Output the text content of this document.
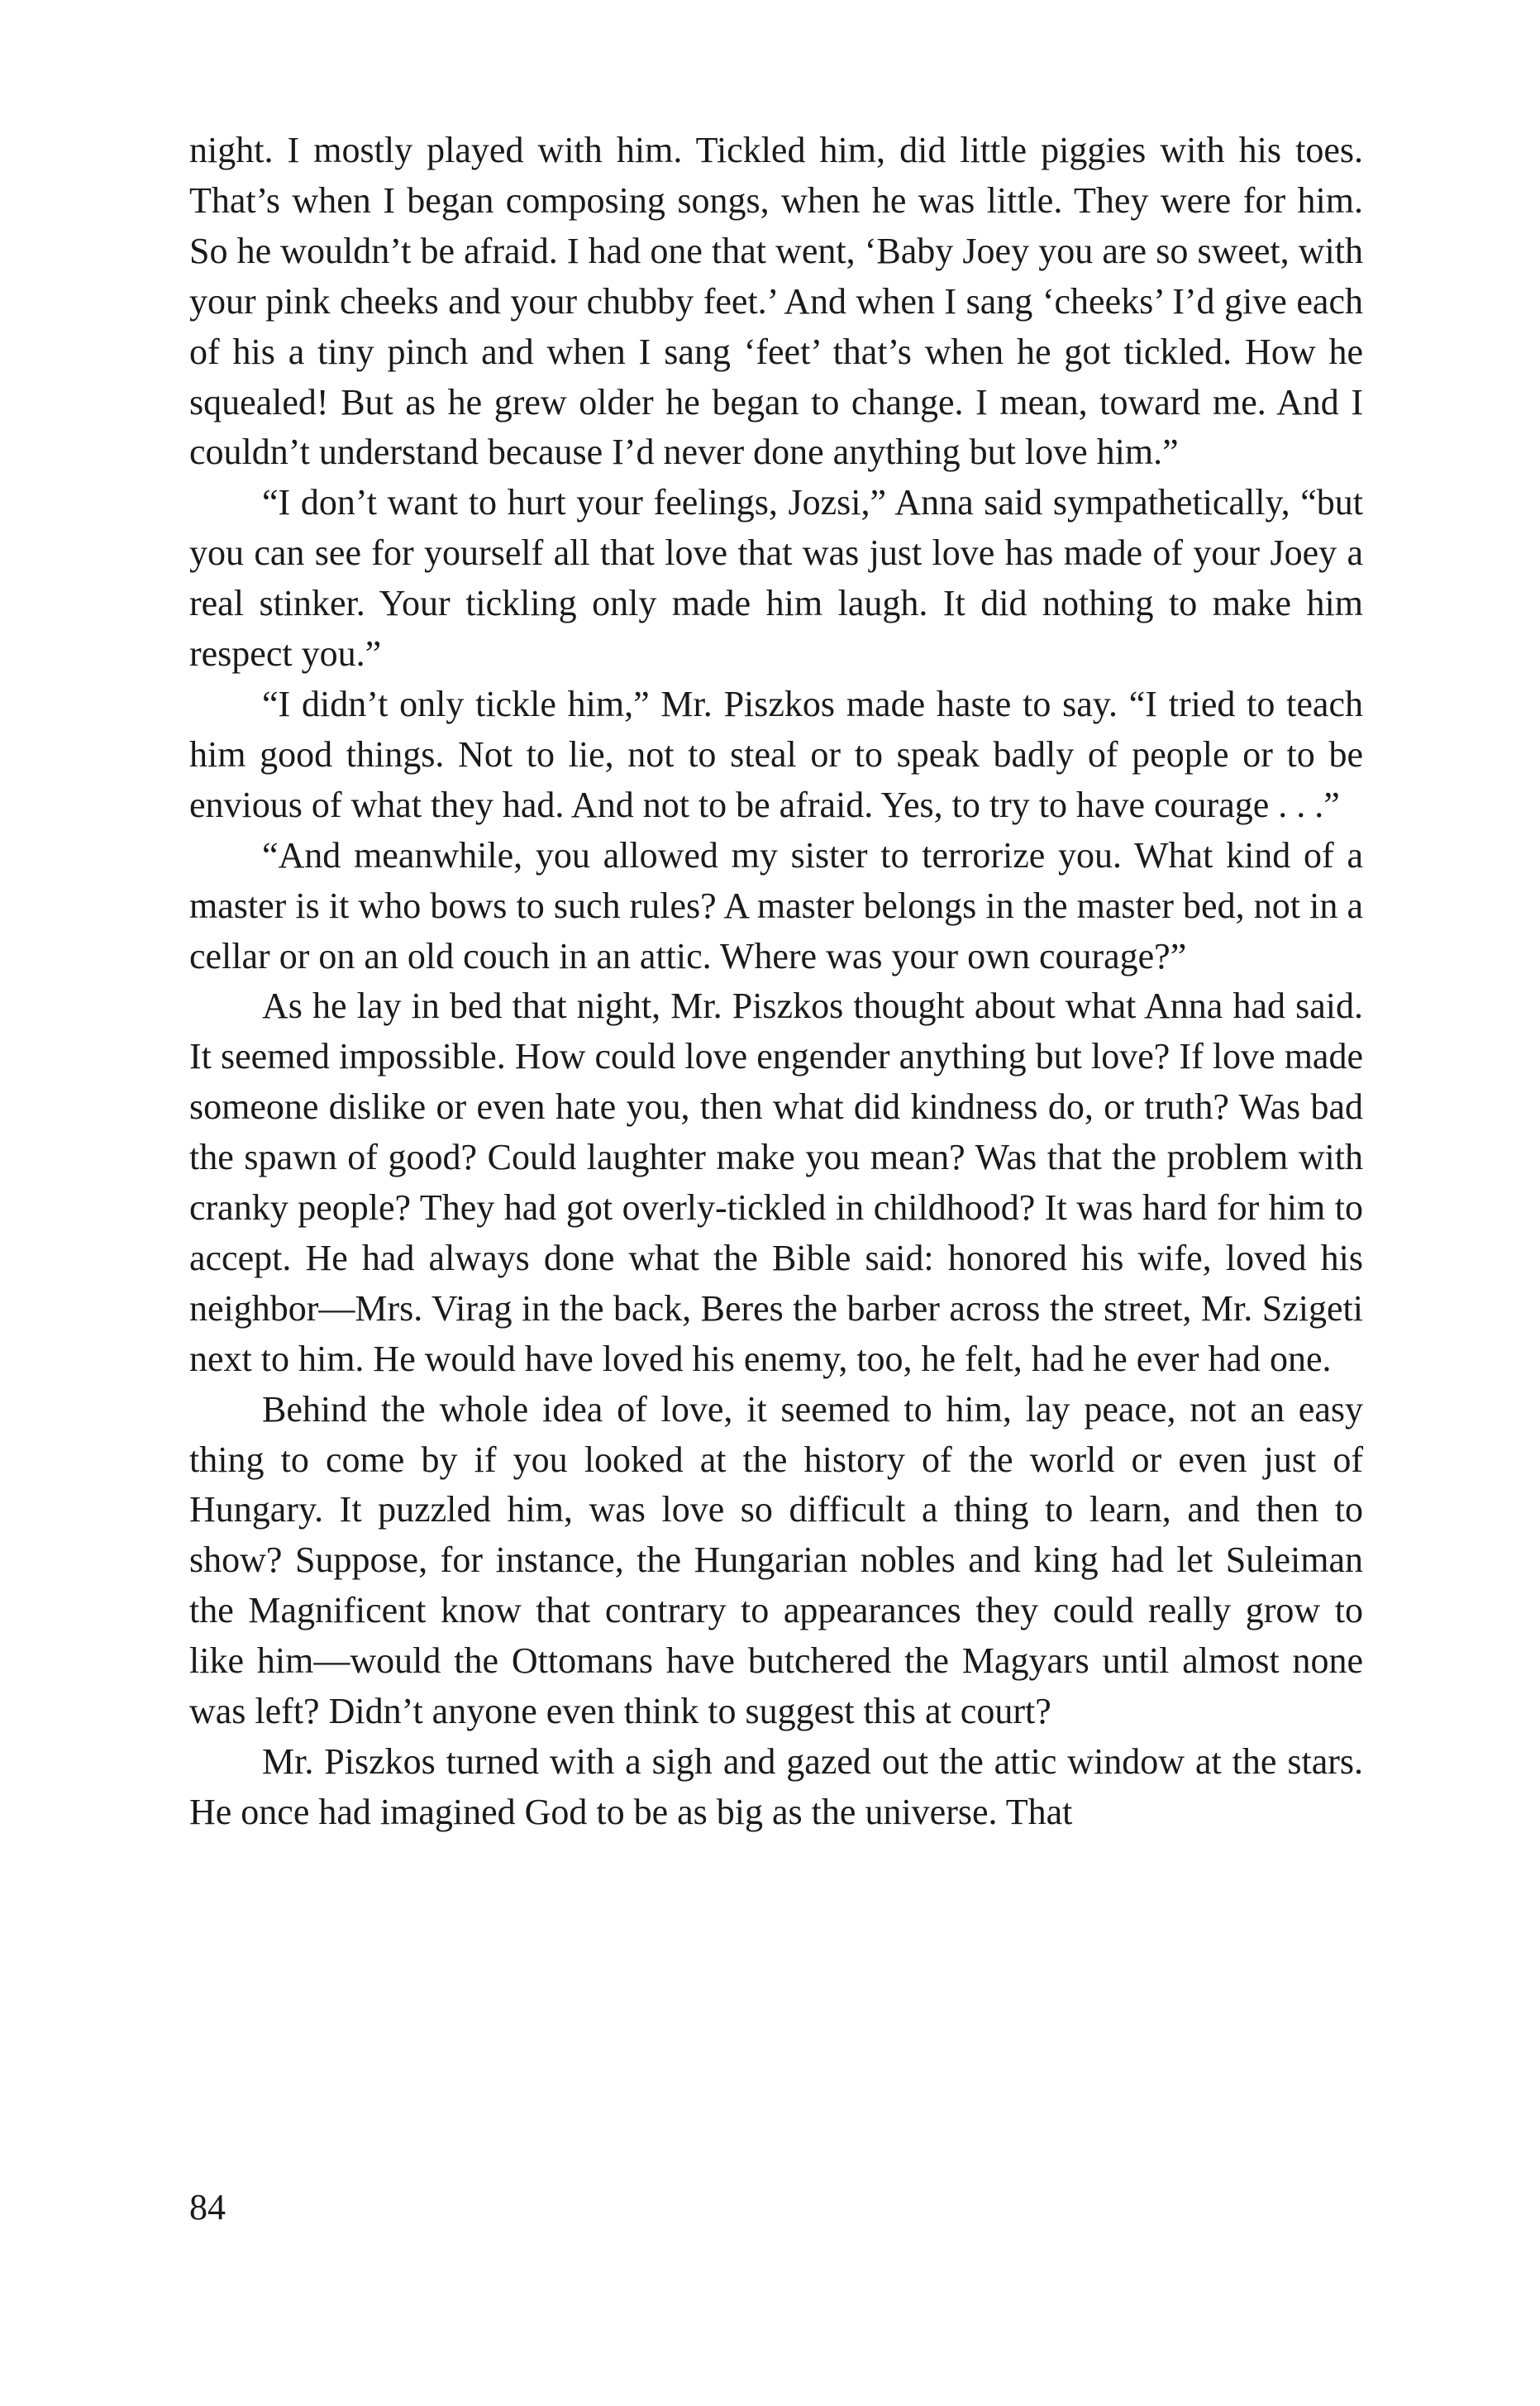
night. I mostly played with him. Tickled him, did little piggies with his toes. That’s when I began composing songs, when he was little. They were for him. So he wouldn’t be afraid. I had one that went, ‘Baby Joey you are so sweet, with your pink cheeks and your chubby feet.’ And when I sang ‘cheeks’ I’d give each of his a tiny pinch and when I sang ‘feet’ that’s when he got tickled. How he squealed! But as he grew older he began to change. I mean, toward me. And I couldn’t understand because I’d never done anything but love him.”

“I don’t want to hurt your feelings, Jozsi,” Anna said sympathetically, “but you can see for yourself all that love that was just love has made of your Joey a real stinker. Your tickling only made him laugh. It did nothing to make him respect you.”

“I didn’t only tickle him,” Mr. Piszkos made haste to say. “I tried to teach him good things. Not to lie, not to steal or to speak badly of people or to be envious of what they had. And not to be afraid. Yes, to try to have courage . . .”

“And meanwhile, you allowed my sister to terrorize you. What kind of a master is it who bows to such rules? A master belongs in the master bed, not in a cellar or on an old couch in an attic. Where was your own courage?”

As he lay in bed that night, Mr. Piszkos thought about what Anna had said. It seemed impossible. How could love engender anything but love? If love made someone dislike or even hate you, then what did kindness do, or truth? Was bad the spawn of good? Could laughter make you mean? Was that the problem with cranky people? They had got overly-tickled in childhood? It was hard for him to accept. He had always done what the Bible said: honored his wife, loved his neighbor—Mrs. Virag in the back, Beres the barber across the street, Mr. Szigeti next to him. He would have loved his enemy, too, he felt, had he ever had one.

Behind the whole idea of love, it seemed to him, lay peace, not an easy thing to come by if you looked at the history of the world or even just of Hungary. It puzzled him, was love so difficult a thing to learn, and then to show? Suppose, for instance, the Hungarian nobles and king had let Suleiman the Magnificent know that contrary to appearances they could really grow to like him—would the Ottomans have butchered the Magyars until almost none was left? Didn’t anyone even think to suggest this at court?

Mr. Piszkos turned with a sigh and gazed out the attic window at the stars. He once had imagined God to be as big as the universe. That

84
